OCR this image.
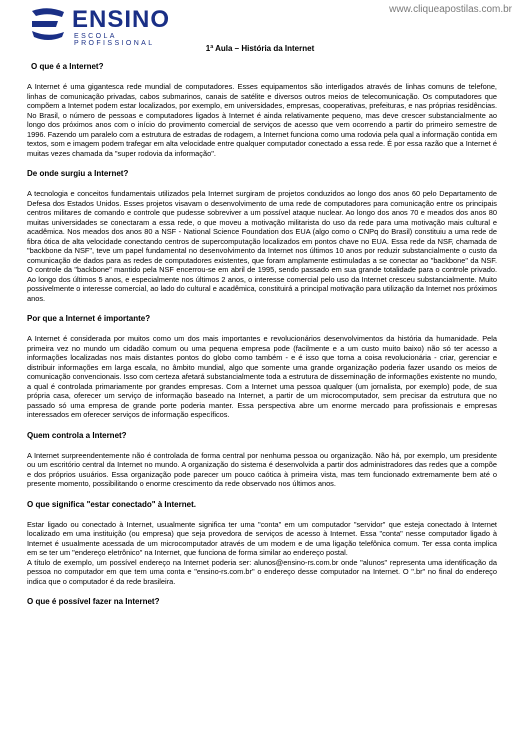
www.cliqueapostilas.com.br
ENSINO
ESCOLA PROFISSIONAL
1ª Aula – História da Internet
O que é a Internet?

A Internet é uma gigantesca rede mundial de computadores. Esses equipamentos são interligados através de linhas comuns de telefone, linhas de comunicação privadas, cabos submarinos, canais de satélite e diversos outros meios de telecomunicação. Os computadores que compõem a Internet podem estar localizados, por exemplo, em universidades, empresas, cooperativas, prefeituras, e nas próprias residências. No Brasil, o número de pessoas e computadores ligados à Internet é ainda relativamente pequeno, mas deve crescer substancialmente ao longo dos próximos anos com o início do provimento comercial de serviços de acesso que vem ocorrendo a partir do primeiro semestre de 1996. Fazendo um paralelo com a estrutura de estradas de rodagem, a Internet funciona como uma rodovia pela qual a informação contida em textos, som e imagem podem trafegar em alta velocidade entre qualquer computador conectado a essa rede. É por essa razão que a Internet é muitas vezes chamada da "super rodovia da informação".

De onde surgiu a Internet?

A tecnologia e conceitos fundamentais utilizados pela Internet surgiram de projetos conduzidos ao longo dos anos 60 pelo Departamento de Defesa dos Estados Unidos. Esses projetos visavam o desenvolvimento de uma rede de computadores para comunicação entre os principais centros militares de comando e controle que pudesse sobreviver a um possível ataque nuclear. Ao longo dos anos 70 e meados dos anos 80 muitas universidades se conectaram a essa rede, o que moveu a motivação militarista do uso da rede para uma motivação mais cultural e acadêmica. Nos meados dos anos 80 a NSF - National Science Foundation dos EUA (algo como o CNPq do Brasil) constituiu a uma rede de fibra ótica de alta velocidade conectando centros de supercomputação localizados em pontos chave no EUA. Essa rede da NSF, chamada de "backbone da NSF", teve um papel fundamental no desenvolvimento da Internet nos últimos 10 anos por reduzir substancialmente o custo da comunicação de dados para as redes de computadores existentes, que foram amplamente estimuladas a se conectar ao "backbone" da NSF. O controle da "backbone" mantido pela NSF encerrou-se em abril de 1995, sendo passado em sua grande totalidade para o controle privado. Ao longo dos últimos 5 anos, e especialmente nos últimos 2 anos, o interesse comercial pelo uso da Internet cresceu substancialmente. Muito possivelmente o interesse comercial, ao lado do cultural e acadêmica, constituirá a principal motivação para utilização da Internet nos próximos anos.

Por que a Internet é importante?

A Internet é considerada por muitos como um dos mais importantes e revolucionários desenvolvimentos da história da humanidade. Pela primeira vez no mundo um cidadão comum ou uma pequena empresa pode (facilmente e a um custo muito baixo) não só ter acesso a informações localizadas nos mais distantes pontos do globo como também - e é isso que torna a coisa revolucionária - criar, gerenciar e distribuir informações em larga escala, no âmbito mundial, algo que somente uma grande organização poderia fazer usando os meios de comunicação convencionais. Isso com certeza afetará substancialmente toda a estrutura de disseminação de informações existente no mundo, a qual é controlada primariamente por grandes empresas. Com a Internet uma pessoa qualquer (um jornalista, por exemplo) pode, de sua própria casa, oferecer um serviço de informação baseado na Internet, a partir de um microcomputador, sem precisar da estrutura que no passado só uma empresa de grande porte poderia manter. Essa perspectiva abre um enorme mercado para profissionais e empresas interessados em oferecer serviços de informação específicos.

Quem controla a Internet?

A Internet surpreendentemente não é controlada de forma central por nenhuma pessoa ou organização. Não há, por exemplo, um presidente ou um escritório central da Internet no mundo. A organização do sistema é desenvolvida a partir dos administradores das redes que a compõe e dos próprios usuários. Essa organização pode parecer um pouco caótica à primeira vista, mas tem funcionado extremamente bem até o presente momento, possibilitando o enorme crescimento da rede observado nos últimos anos.

O que significa "estar conectado" à Internet.

Estar ligado ou conectado à Internet, usualmente significa ter uma "conta" em um computador "servidor" que esteja conectado à Internet localizado em uma instituição (ou empresa) que seja provedora de serviços de acesso à Internet. Essa "conta" nesse computador ligado à Internet é usualmente acessada de um microcomputador através de um modem e de uma ligação telefônica comum. Ter essa conta implica em se ter um "endereço eletrônico" na Internet, que funciona de forma similar ao endereço postal.

A título de exemplo, um possível endereço na Internet poderia ser: alunos@ensino-rs.com.br onde "alunos" representa uma identificação da pessoa no computador em que tem uma conta e "ensino-rs.com.br" o endereço desse computador na Internet. O ".br" no final do endereço indica que o computador é da rede brasileira.

O que é possível fazer na Internet?
